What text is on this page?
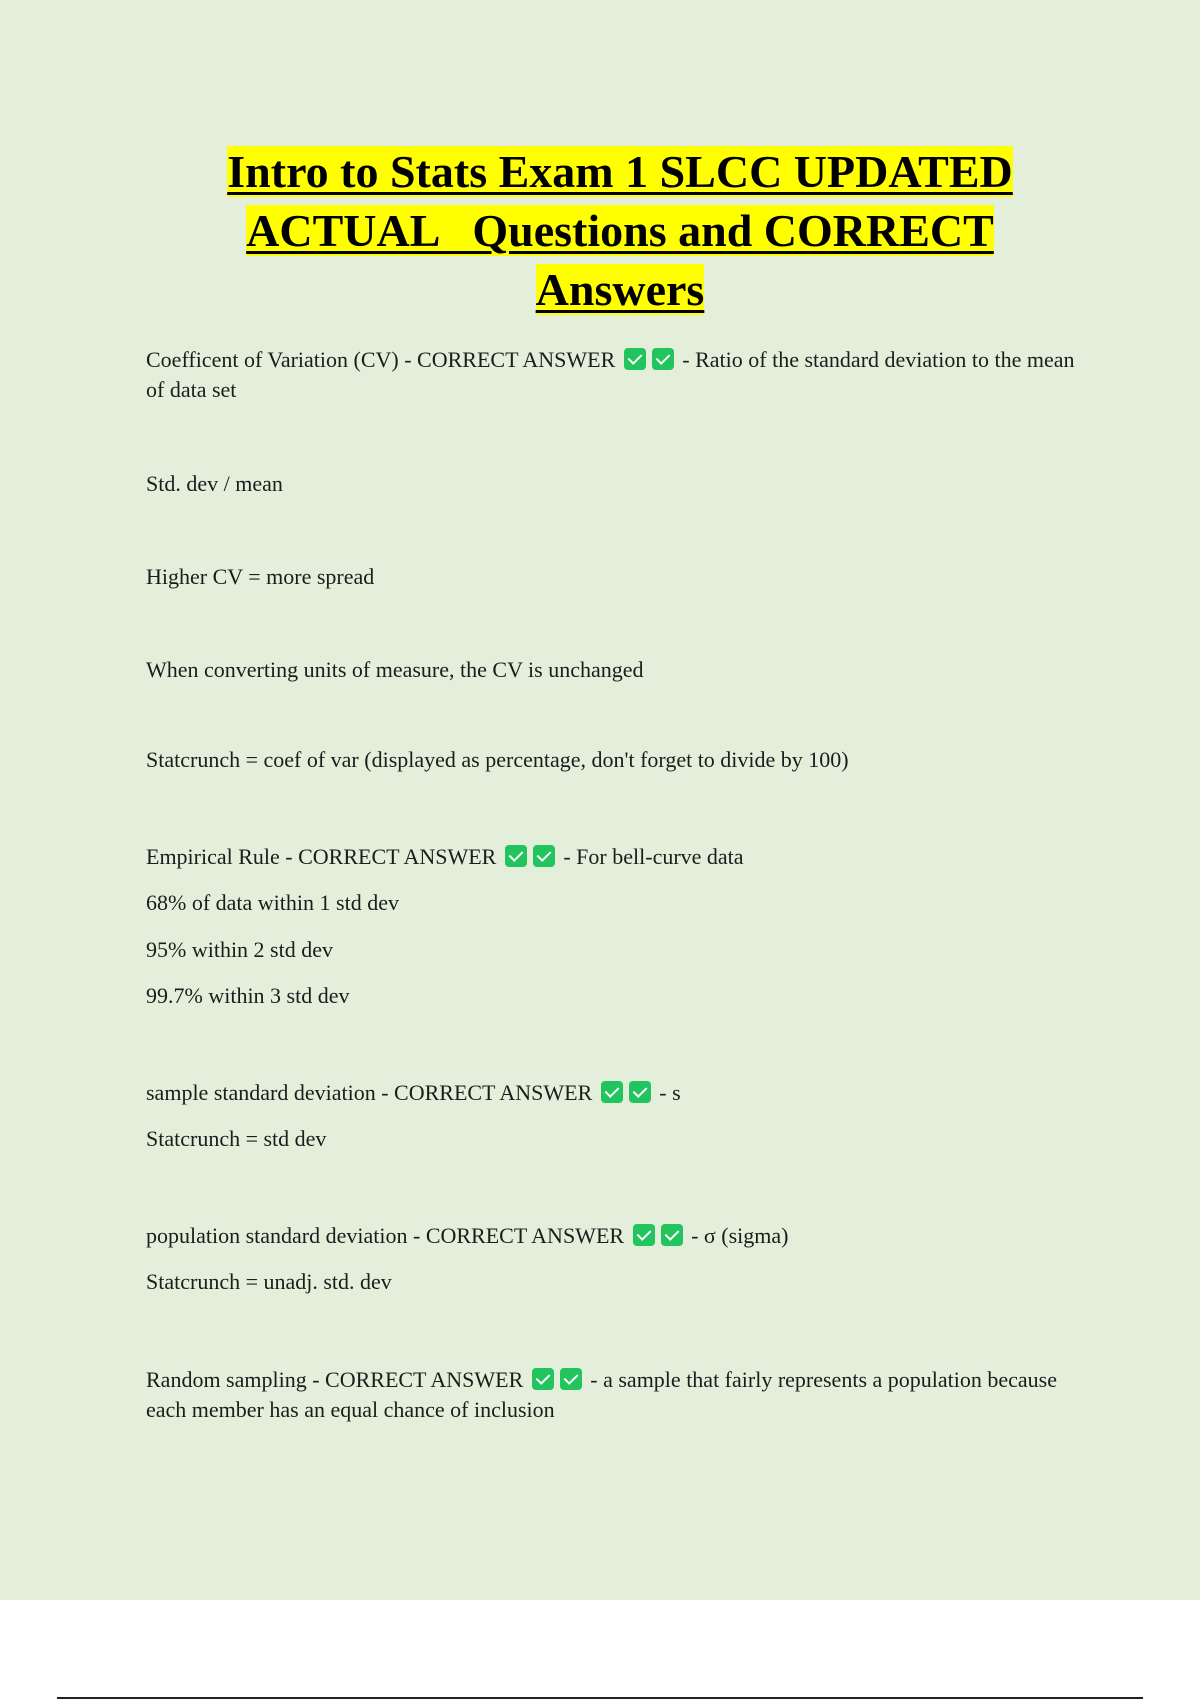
Intro to Stats Exam 1 SLCC UPDATED
ACTUAL   Questions and CORRECT
Answers

Coefficent of Variation (CV) - CORRECT ANSWER	- Ratio of the standard deviation to the mean of data set

Std. dev / mean

Higher CV = more spread

When converting units of measure, the CV is unchanged

Statcrunch = coef of var (displayed as percentage, don't forget to divide by 100)

Empirical Rule - CORRECT ANSWER	- For bell-curve data

68% of data within 1 std dev

95% within 2 std dev

99.7% within 3 std dev

sample standard deviation - CORRECT ANSWER	- s

Statcrunch = std dev

population standard deviation - CORRECT ANSWER	- σ (sigma)

Statcrunch = unadj. std. dev

Random sampling - CORRECT ANSWER	- a sample that fairly represents a population because each member has an equal chance of inclusion
